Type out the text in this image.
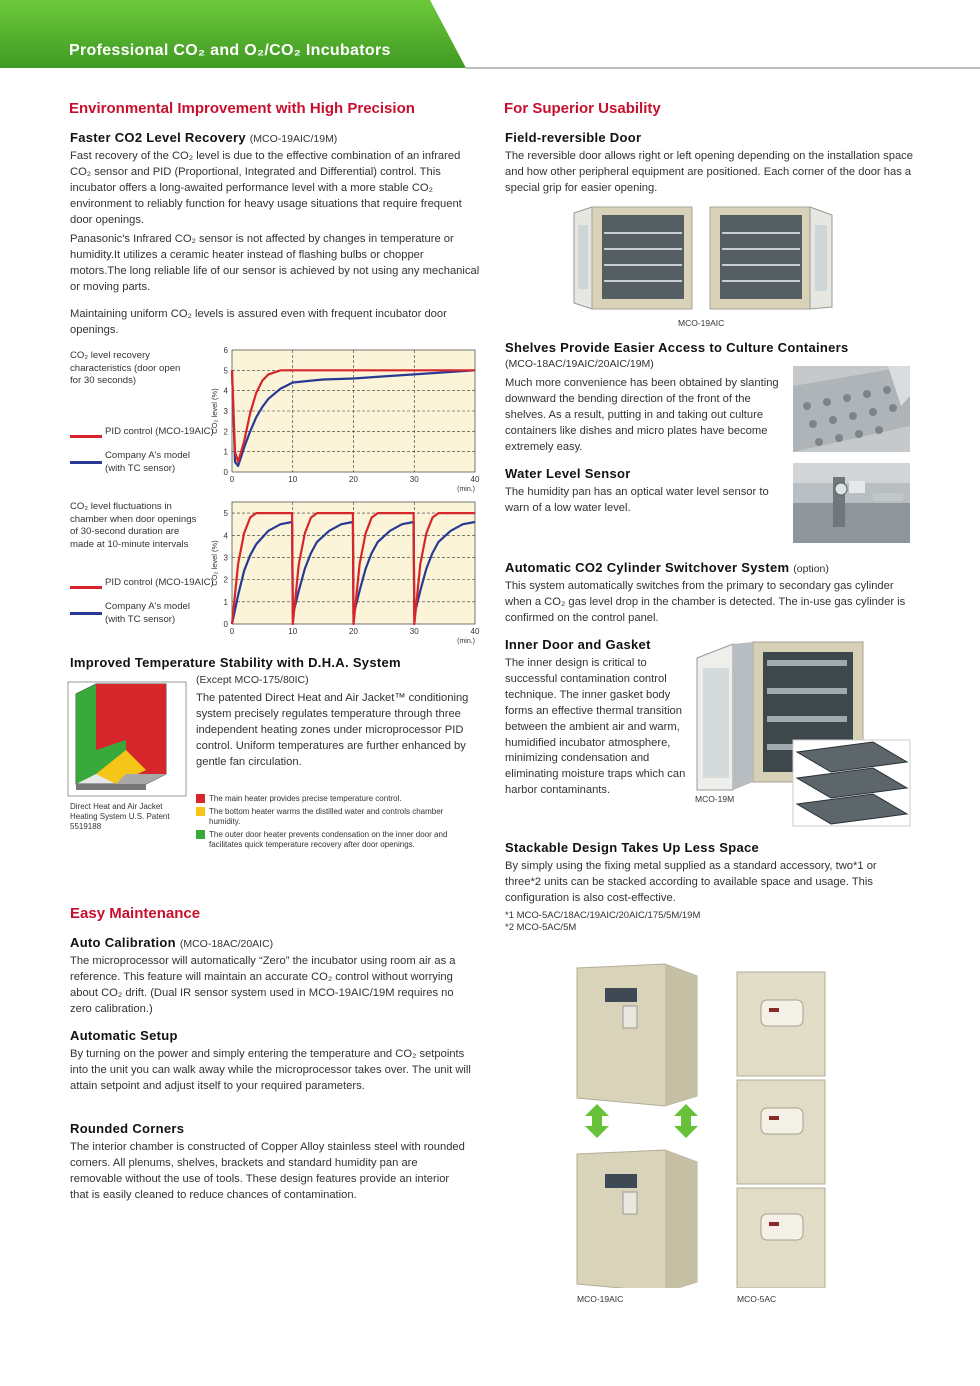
Professional CO₂ and O₂/CO₂ Incubators
Environmental Improvement with High Precision
Faster CO2 Level Recovery (MCO-19AIC/19M)
Fast recovery of the CO₂ level is due to the effective combination of an infrared CO₂ sensor and PID (Proportional, Integrated and Differential) control. This incubator offers a long-awaited performance level with a more stable CO₂ environment to reliably function for heavy usage situations that require frequent door openings.
Panasonic's Infrared CO₂ sensor is not affected by changes in temperature or humidity.It utilizes a ceramic heater instead of flashing bulbs or chopper motors.The long reliable life of our sensor is achieved by not using any mechanical or moving parts.
Maintaining uniform CO₂ levels is assured even with frequent incubator door openings.
CO₂ level recovery characteristics (door open for 30 seconds)
PID control (MCO-19AIC)
Company A's model (with TC sensor)	0
1
2
3
4
5
6
0	10	20	30	40
(min.)
CO₂ level (%)
CO₂ level fluctuations in chamber when door openings of 30-second duration are made at 10-minute intervals
PID control (MCO-19AIC)
Company A's model (with TC sensor)	0
1
2
3
4
5
0	10	20	30	40
(min.)
CO₂ level (%)
Improved Temperature Stability with D.H.A. System
(Except MCO-175/80IC)
Direct Heat and Air Jacket Heating System U.S. Patent 5519188
The patented Direct Heat and Air Jacket™ conditioning system precisely regulates temperature through three independent heating zones under microprocessor PID control. Uniform temperatures are further enhanced by gentle fan circulation.
The main heater provides precise temperature control.
The bottom heater warms the distilled water and controls chamber humidity.
The outer door heater prevents condensation on the inner door and facilitates quick temperature recovery after door openings.
Easy Maintenance
Auto Calibration (MCO-18AC/20AIC)
The microprocessor will automatically “Zero” the incubator using room air as a reference. This feature will maintain an accurate CO₂ control without worrying about CO₂ drift. (Dual IR sensor system used in MCO-19AIC/19M requires no zero calibration.)
Automatic Setup
By turning on the power and simply entering the temperature and CO₂ setpoints into the unit you can walk away while the microprocessor takes over. The unit will attain setpoint and adjust itself to your required parameters.
Rounded Corners
The interior chamber is constructed of Copper Alloy stainless steel with rounded corners. All plenums, shelves, brackets and standard humidity pan are removable without the use of tools. These design features provide an interior that is easily cleaned to reduce chances of contamination.
For Superior Usability
Field-reversible Door
The reversible door allows right or left opening depending on the installation space and how other peripheral equipment are positioned. Each corner of the door has a special grip for easier opening.
MCO-19AIC
Shelves Provide Easier Access to Culture Containers
(MCO-18AC/19AIC/20AIC/19M)
Much more convenience has been obtained by slanting downward the bending direction of the front of the shelves. As a result, putting in and taking out culture containers like dishes and micro plates have become extremely easy.
Water Level Sensor
The humidity pan has an optical water level sensor to warn of a low water level.
Automatic CO2 Cylinder Switchover System (option)
This system automatically switches from the primary to secondary gas cylinder when a CO₂ gas level drop in the chamber is detected. The in-use gas cylinder is confirmed on the control panel.
Inner Door and Gasket
The inner design is critical to successful contamination control technique. The inner gasket body forms an effective thermal transition between the ambient air and warm, humidified incubator atmosphere, minimizing condensation and eliminating moisture traps which can harbor contaminants.
MCO-19M
Stackable Design Takes Up Less Space
By simply using the fixing metal supplied as a standard accessory, two*1 or three*2 units can be stacked according to available space and usage. This configuration is also cost-effective.
*1 MCO-5AC/18AC/19AIC/20AIC/175/5M/19M
*2 MCO-5AC/5M
Panasonic
Panasonic
MCO-19AIC	MCO-5AC
